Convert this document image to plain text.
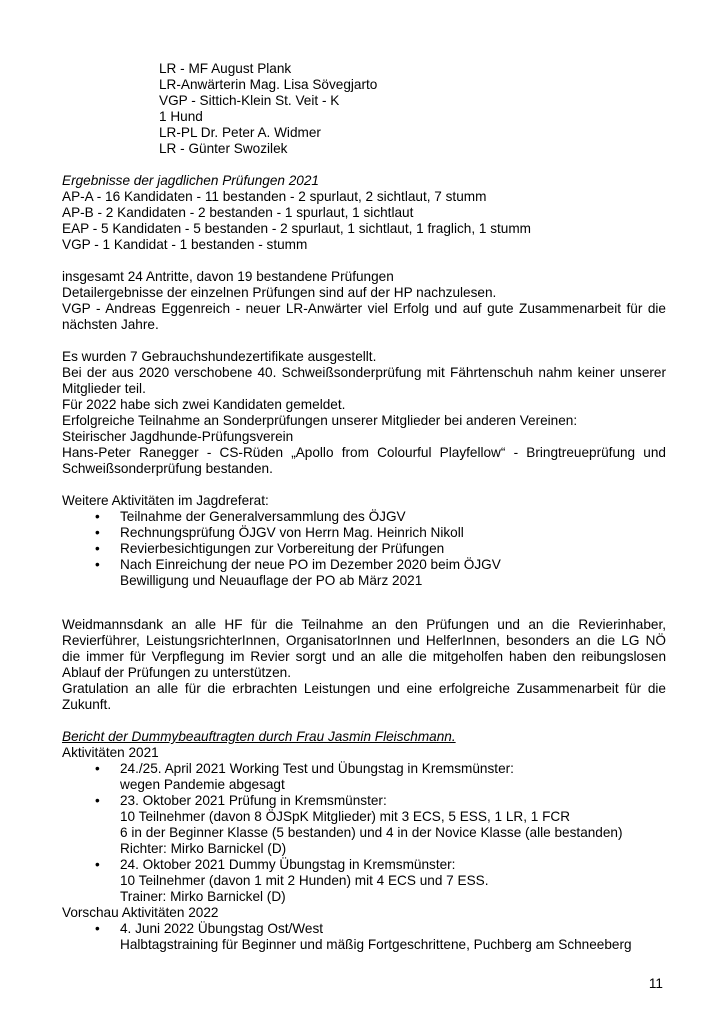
LR - MF August Plank
LR-Anwärterin Mag. Lisa Sövegjarto
VGP - Sittich-Klein St. Veit - K
1 Hund
LR-PL Dr. Peter A. Widmer
LR - Günter Swozilek
Ergebnisse der jagdlichen Prüfungen 2021
AP-A - 16 Kandidaten - 11 bestanden - 2 spurlaut, 2 sichtlaut, 7 stumm
AP-B - 2 Kandidaten - 2 bestanden - 1 spurlaut, 1 sichtlaut
EAP - 5 Kandidaten - 5 bestanden - 2 spurlaut, 1 sichtlaut, 1 fraglich, 1 stumm
VGP - 1 Kandidat - 1 bestanden - stumm
insgesamt 24 Antritte, davon 19 bestandene Prüfungen
Detailergebnisse der einzelnen Prüfungen sind auf der HP nachzulesen.
VGP - Andreas Eggenreich - neuer LR-Anwärter viel Erfolg und auf gute Zusammenarbeit für die
nächsten Jahre.
Es wurden 7 Gebrauchshundezertifikate ausgestellt.
Bei der aus 2020 verschobene 40. Schweißsonderprüfung mit Fährtenschuh nahm keiner unserer
Mitglieder teil.
Für 2022 habe sich zwei Kandidaten gemeldet.
Erfolgreiche Teilnahme an Sonderprüfungen unserer Mitglieder bei anderen Vereinen:
Steirischer Jagdhunde-Prüfungsverein
Hans-Peter Ranegger - CS-Rüden „Apollo from Colourful Playfellow“ - Bringtreueprüfung und
Schweißsonderprüfung bestanden.
Weitere Aktivitäten im Jagdreferat:
•	Teilnahme der Generalversammlung des ÖJGV
•	Rechnungsprüfung ÖJGV von Herrn Mag. Heinrich Nikoll
•	Revierbesichtigungen zur Vorbereitung der Prüfungen
•	Nach Einreichung der neue PO im Dezember 2020 beim ÖJGV
Bewilligung und Neuauflage der PO ab März 2021
Weidmannsdank an alle HF für die Teilnahme an den Prüfungen und an die Revierinhaber,
Revierführer, LeistungsrichterInnen, OrganisatorInnen und HelferInnen, besonders an die LG NÖ
die immer für Verpflegung im Revier sorgt und an alle die mitgeholfen haben den reibungslosen
Ablauf der Prüfungen zu unterstützen.
Gratulation an alle für die erbrachten Leistungen und eine erfolgreiche Zusammenarbeit für die
Zukunft.
Bericht der Dummybeauftragten durch Frau Jasmin Fleischmann.
Aktivitäten 2021
•	24./25. April 2021 Working Test und Übungstag in Kremsmünster:
wegen Pandemie abgesagt
•	23. Oktober 2021 Prüfung in Kremsmünster:
10 Teilnehmer (davon 8 ÖJSpK Mitglieder) mit 3 ECS, 5 ESS, 1 LR, 1 FCR
6 in der Beginner Klasse (5 bestanden) und 4 in der Novice Klasse (alle bestanden)
Richter: Mirko Barnickel (D)
•	24. Oktober 2021 Dummy Übungstag in Kremsmünster:
10 Teilnehmer (davon 1 mit 2 Hunden) mit 4 ECS und 7 ESS.
Trainer: Mirko Barnickel (D)
Vorschau Aktivitäten 2022
•	4. Juni 2022 Übungstag Ost/West
Halbtagstraining für Beginner und mäßig Fortgeschrittene, Puchberg am Schneeberg
11
